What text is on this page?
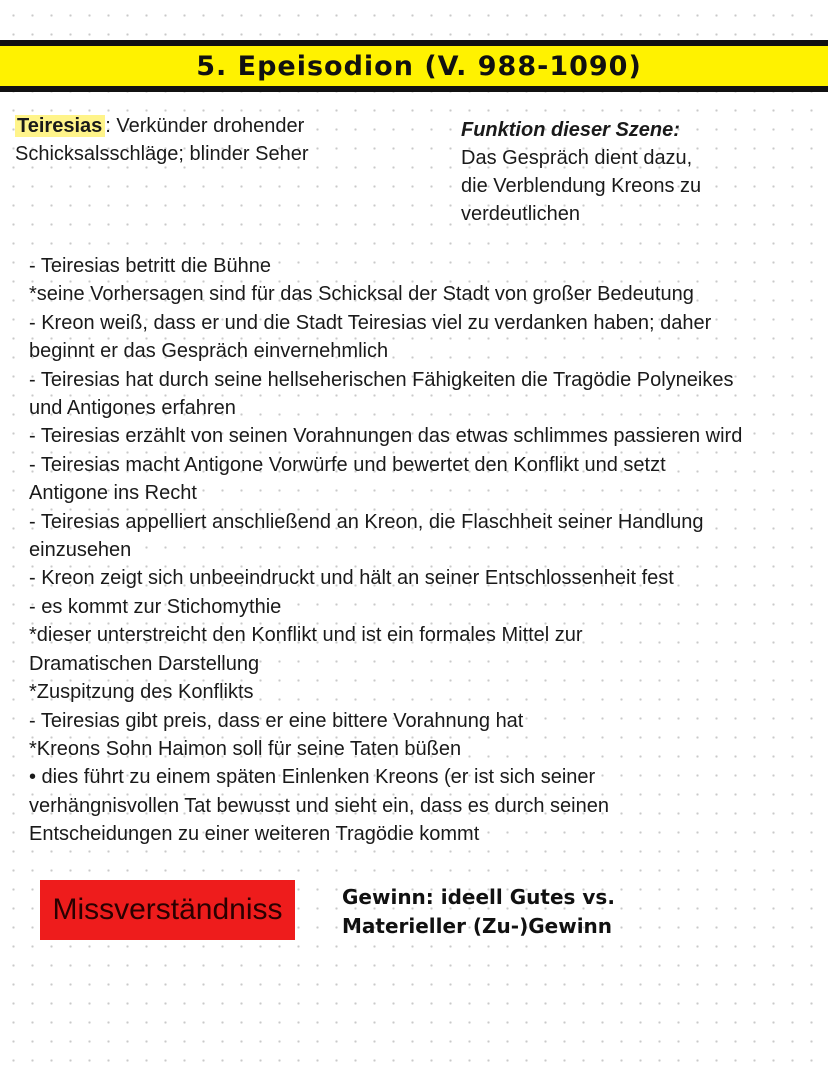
5. Epeisodion (V. 988-1090)
Teiresias : Verkünder drohender
Schicksalsschläge; blinder Seher
Funktion dieser Szene:
Das Gespräch dient dazu,
die Verblendung Kreons zu
verdeutlichen
- Teiresias betritt die Bühne
*seine Vorhersagen sind für das Schicksal der Stadt von großer Bedeutung
- Kreon weiß, dass er und die Stadt Teiresias viel zu verdanken haben; daher
beginnt er das Gespräch einvernehmlich
- Teiresias hat durch seine hellseherischen Fähigkeiten die Tragödie Polyneikes
und Antigones erfahren
- Teiresias erzählt von seinen Vorahnungen das etwas schlimmes passieren wird
- Teiresias macht Antigone Vorwürfe und bewertet den Konflikt und setzt
Antigone ins Recht
- Teiresias appelliert anschließend an Kreon, die Flaschheit seiner Handlung
einzusehen
- Kreon zeigt sich unbeeindruckt und hält an seiner Entschlossenheit fest
- es kommt zur Stichomythie
*dieser unterstreicht den Konflikt und ist ein formales Mittel zur
Dramatischen Darstellung
*Zuspitzung des Konflikts
- Teiresias gibt preis, dass er eine bittere Vorahnung hat
*Kreons Sohn Haimon soll für seine Taten büßen
• dies führt zu einem späten Einlenken Kreons (er ist sich seiner
verhängnisvollen Tat bewusst und sieht ein, dass es durch seinen
Entscheidungen zu einer weiteren Tragödie kommt
Missverständniss	Gewinn: ideell Gutes vs.
Materieller (Zu-)Gewinn
